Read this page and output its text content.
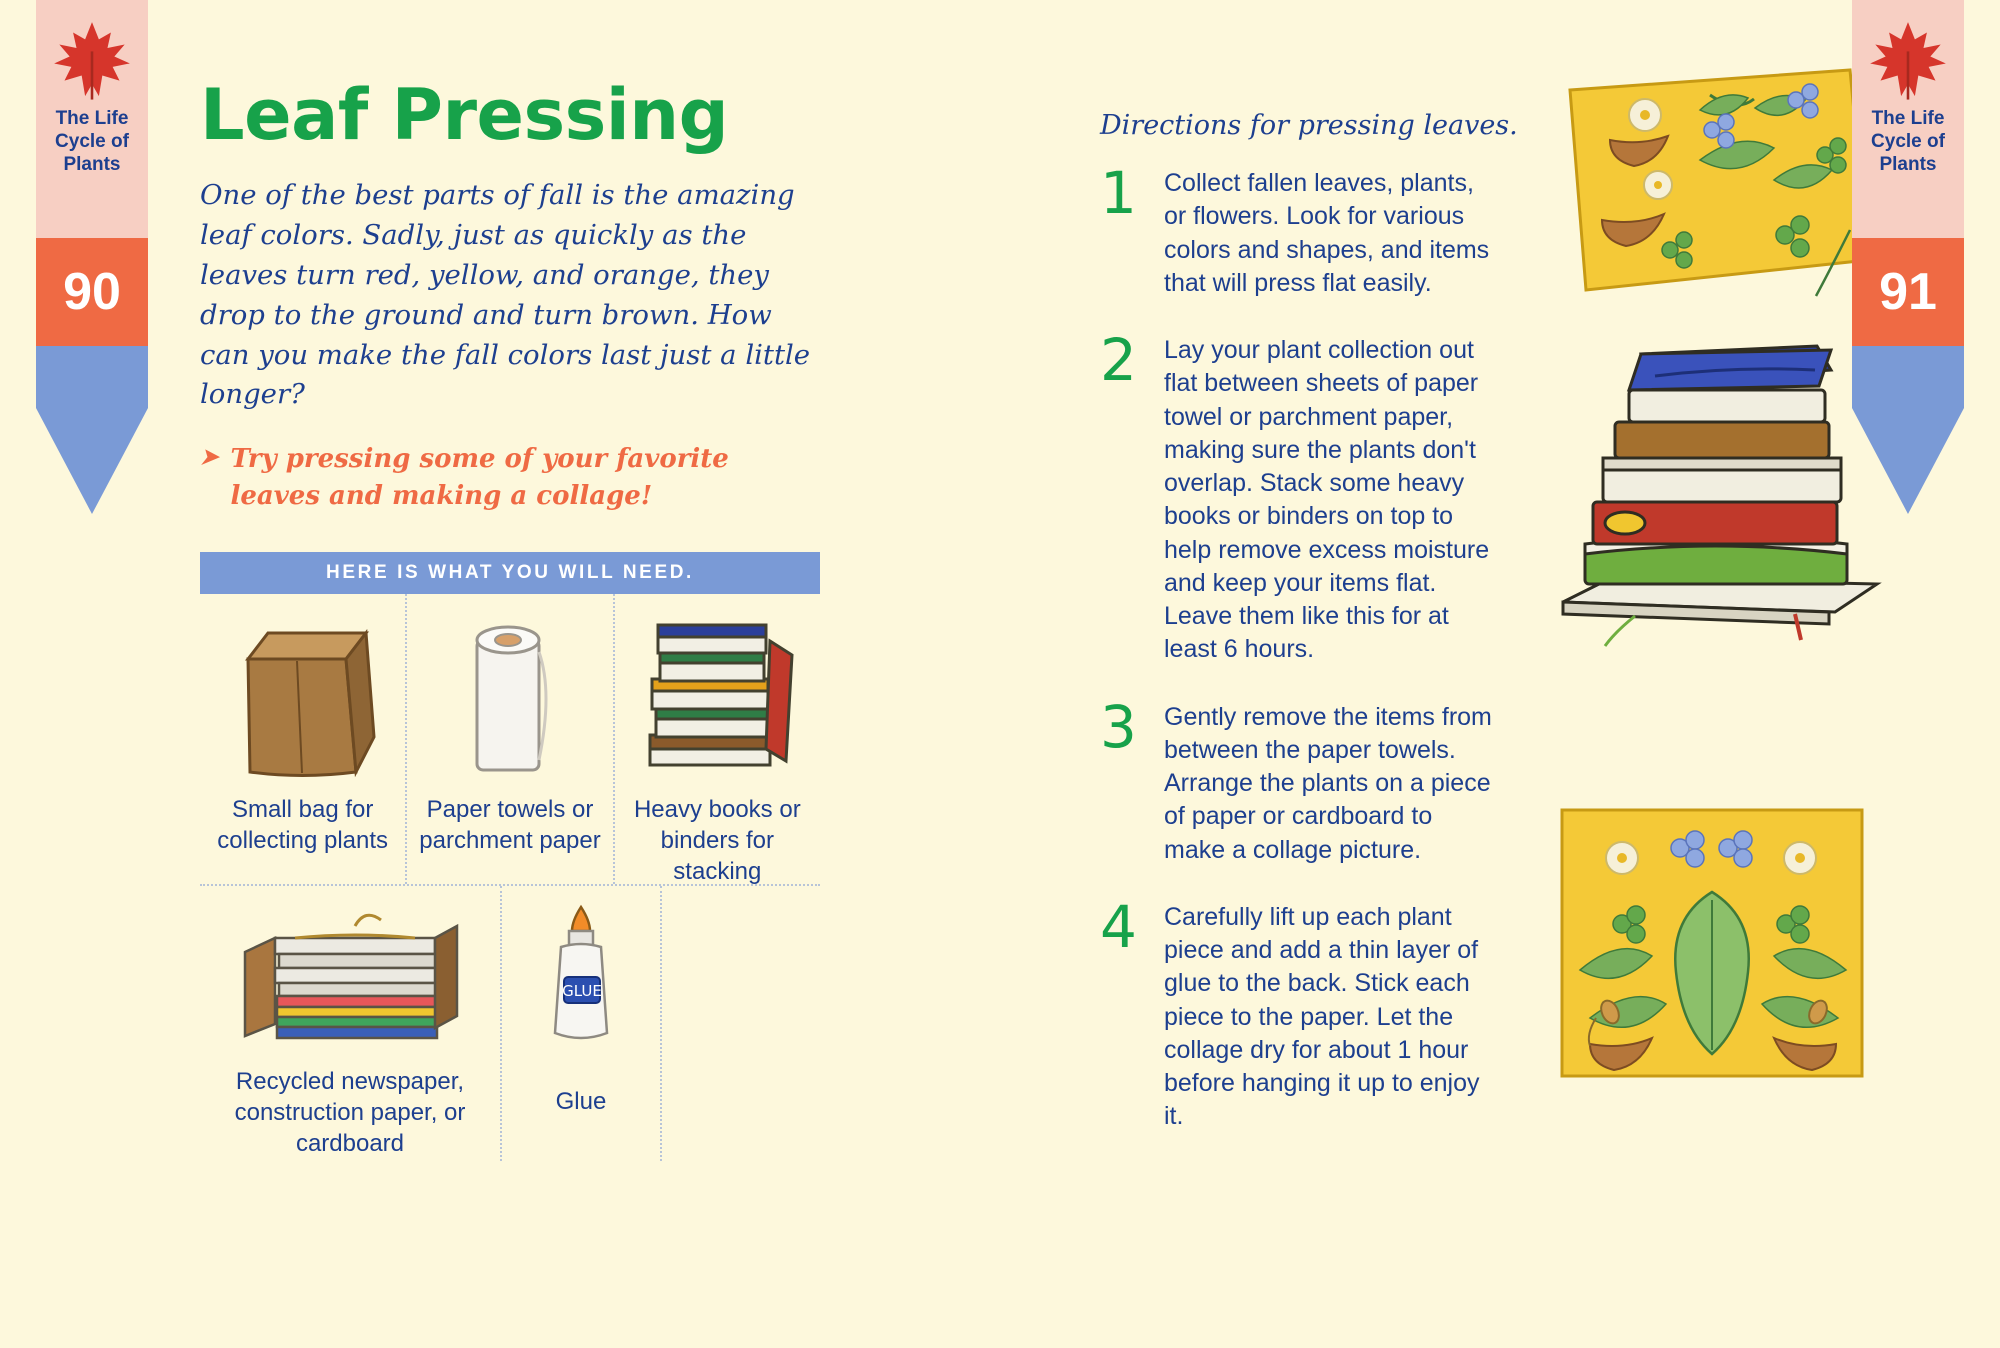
Leaf Pressing
One of the best parts of fall is the amazing leaf colors. Sadly, just as quickly as the leaves turn red, yellow, and orange, they drop to the ground and turn brown. How can you make the fall colors last just a little longer?
➤ Try pressing some of your favorite leaves and making a collage!
HERE IS WHAT YOU WILL NEED.
Small bag for collecting plants
Paper towels or parchment paper
Heavy books or binders for stacking
Recycled newspaper, construction paper, or cardboard
GLUE
Glue
Directions for pressing leaves.
1	Collect fallen leaves, plants, or flowers. Look for various colors and shapes, and items that will press flat easily.
2	Lay your plant collection out flat between sheets of paper towel or parchment paper, making sure the plants don't overlap. Stack some heavy books or binders on top to help remove excess moisture and keep your items flat. Leave them like this for at least 6 hours.
3	Gently remove the items from between the paper towels. Arrange the plants on a piece of paper or cardboard to make a collage picture.
4	Carefully lift up each plant piece and add a thin layer of glue to the back. Stick each piece to the paper. Let the collage dry for about 1 hour before hanging it up to enjoy it.
The Life
Cycle of
Plants
90
The Life
Cycle of
Plants
91
